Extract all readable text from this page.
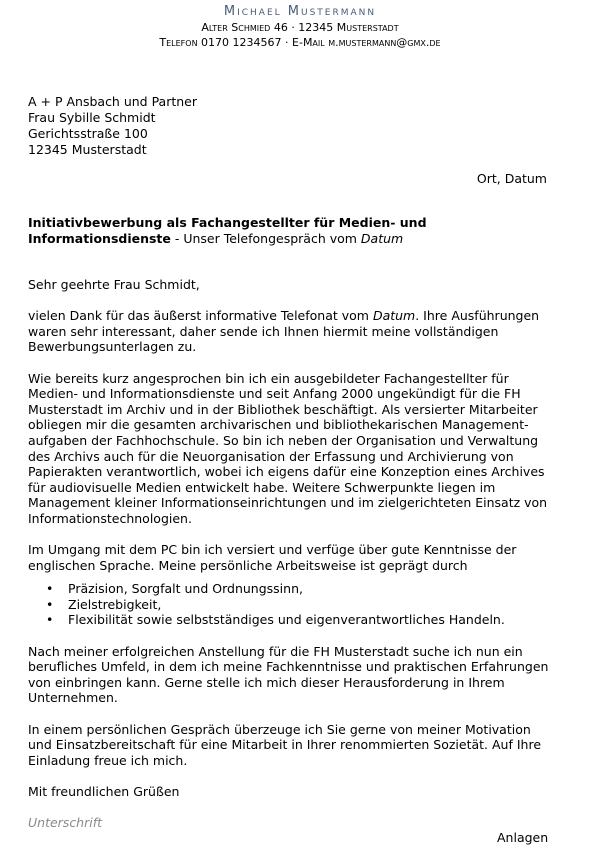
Michael Mustermann
Alter Schmied 46 · 12345 Musterstadt
Telefon 0170 1234567 · E-Mail m.mustermann@gmx.de
A + P Ansbach und Partner
Frau Sybille Schmidt
Gerichtsstraße 100
12345 Musterstadt
Ort, Datum
Initiativbewerbung als Fachangestellter für Medien- und
Informationsdienste - Unser Telefongespräch vom Datum

Sehr geehrte Frau Schmidt,

vielen Dank für das äußerst informative Telefonat vom Datum. Ihre Ausführungen waren sehr interessant, daher sende ich Ihnen hiermit meine vollständigen Bewerbungsunterlagen zu.

Wie bereits kurz angesprochen bin ich ein ausgebildeter Fachangestellter für Medien- und Informationsdienste und seit Anfang 2000 ungekündigt für die FH Musterstadt im Archiv und in der Bibliothek beschäftigt. Als versierter Mitarbeiter obliegen mir die gesamten archivarischen und bibliothekarischen Managementaufgaben der Fachhochschule. So bin ich neben der Organisation und Verwaltung des Archivs auch für die Neuorganisation der Erfassung und Archivierung von Papierakten verantwortlich, wobei ich eigens dafür eine Konzeption eines Archives für audiovisuelle Medien entwickelt habe. Weitere Schwerpunkte liegen im Management kleiner Informationseinrichtungen und im zielgerichteten Einsatz von Informationstechnologien.

Im Umgang mit dem PC bin ich versiert und verfüge über gute Kenntnisse der englischen Sprache. Meine persönliche Arbeitsweise ist geprägt durch

• Präzision, Sorgfalt und Ordnungssinn,
• Zielstrebigkeit,
• Flexibilität sowie selbstständiges und eigenverantwortliches Handeln.

Nach meiner erfolgreichen Anstellung für die FH Musterstadt suche ich nun ein berufliches Umfeld, in dem ich meine Fachkenntnisse und praktischen Erfahrungen von einbringen kann. Gerne stelle ich mich dieser Herausforderung in Ihrem Unternehmen.

In einem persönlichen Gespräch überzeuge ich Sie gerne von meiner Motivation und Einsatzbereitschaft für eine Mitarbeit in Ihrer renommierten Sozietät. Auf Ihre Einladung freue ich mich.

Mit freundlichen Grüßen

Unterschrift
Anlagen
